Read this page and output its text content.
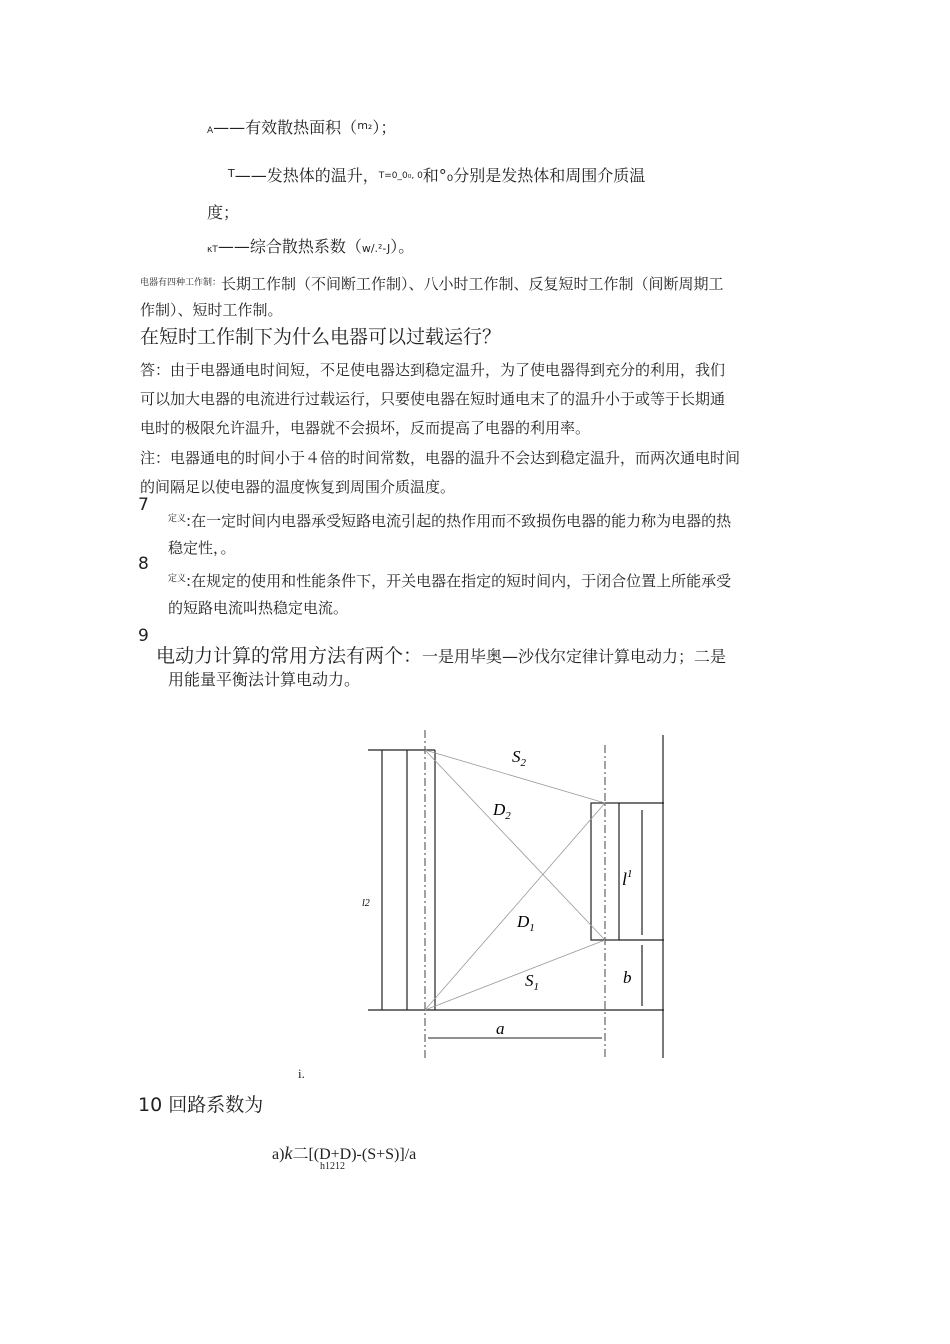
A——有效散热面积（$^{m_2}$）；
$^T$——发热体的温升，T=0_0₀, 0和°₀分别是发热体和周围介质温
度；
κT——综合散热系数（w/.²-J）。
$^{电器有四种工作制:}$长期工作制（不间断工作制）、八小时工作制、反复短时工作制（间断周期工
作制）、短时工作制。
在短时工作制下为什么电器可以过载运行？
答：由于电器通电时间短，不足使电器达到稳定温升，为了使电器得到充分的利用，我们
可以加大电器的电流进行过载运行，只要使电器在短时通电末了的温升小于或等于长期通
电时的极限允许温升，电器就不会损坏，反而提高了电器的利用率。
注：电器通电的时间小于４倍的时间常数，电器的温升不会达到稳定温升，而两次通电时间
的间隔足以使电器的温度恢复到周围介质温度。
7
$^{定义}$:在一定时间内电器承受短路电流引起的热作用而不致损伤电器的能力称为电器的热
稳定性，。
8
$^{定义}$:在规定的使用和性能条件下，开关电器在指定的短时间内，于闭合位置上所能承受
的短路电流叫热稳定电流。
9
电动力计算的常用方法有两个：一是用毕奥—沙伐尔定律计算电动力；二是
用能量平衡法计算电动力。
$S_2$
$D_2$
$D_1$
$S_1$
$l^1$
b
a
l2
i.
10 回路系数为
a)k二[(D+D)-(S+S)]/a
h1212
